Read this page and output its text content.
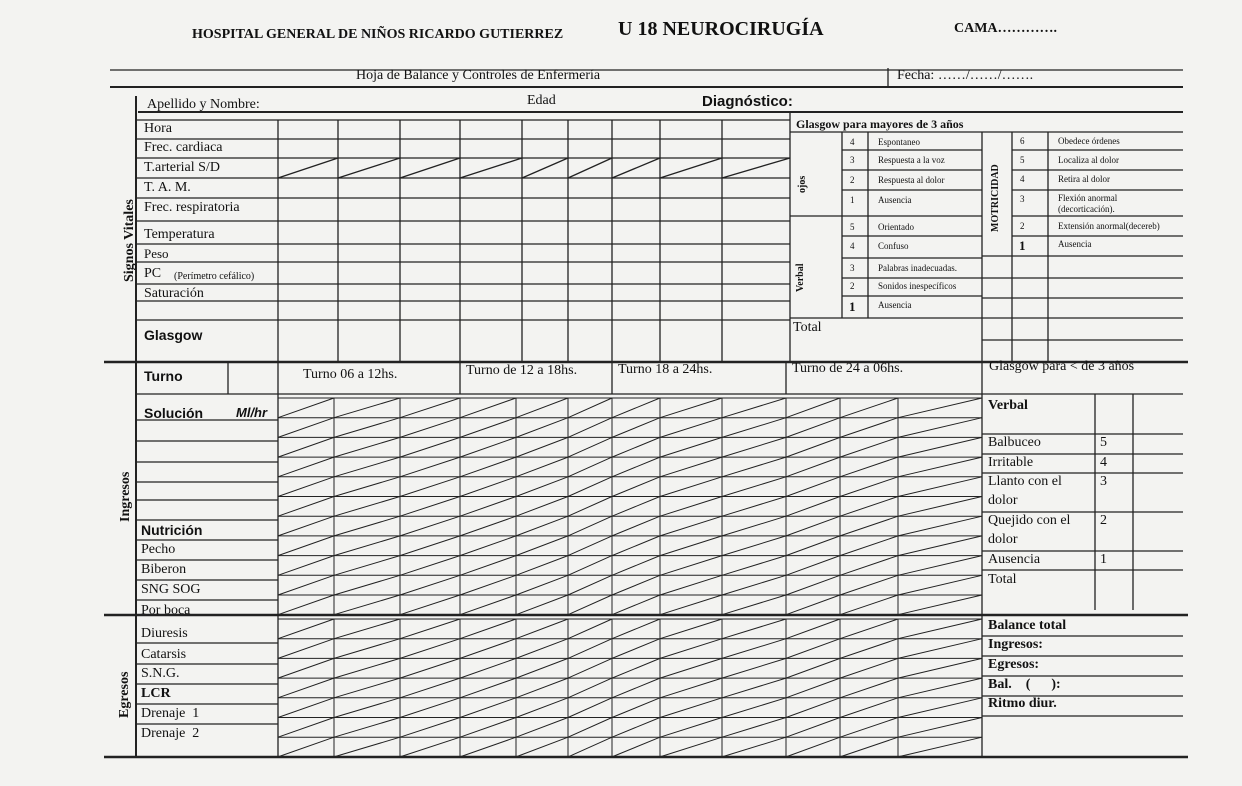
HOSPITAL GENERAL DE NIÑOS RICARDO GUTIERREZ	U 18 NEUROCIRUGÍA	CAMA………….
Hoja de Balance y Controles de Enfermería	Fecha: ……/……/…….
Apellido y Nombre:	Edad	Diagnóstico:
Signos Vitales
Hora
Frec. cardiaca
T.arterial S/D
T. A. M.
Frec. respiratoria
Temperatura
Peso
PC (Perímetro cefálico)
Saturación
Glasgow
Glasgow para mayores de 3 años
ojos
Verbal
MOTRICIDAD
4	Espontaneo
3	Respuesta a la voz
2	Respuesta al dolor
1	Ausencia
5	Orientado
4	Confuso
3	Palabras inadecuadas.
2	Sonidos inespecíficos
1	Ausencia
6	Obedece órdenes
5	Localiza al dolor
4	Retira al dolor
3	Flexión anormal
(decorticación).
2	Extensión anormal(decereb)
1	Ausencia
Total
Turno	Turno 06 a 12hs.	Turno de 12 a 18hs.	Turno 18 a 24hs.	Turno de 24 a 06hs.	Glasgow para < de 3 años
Ingresos
Solución	Ml/hr
Nutrición
Pecho
Biberon
SNG SOG
Por boca
Verbal
Balbuceo	5
Irritable	4
Llanto con el	3
dolor
Quejido con el 2
dolor
Ausencia	1
Total
Egresos
Diuresis
Catarsis
S.N.G.
LCR
Drenaje  1
Drenaje  2
Balance total
Ingresos:
Egresos:
Bal.    (      ):
Ritmo diur.
